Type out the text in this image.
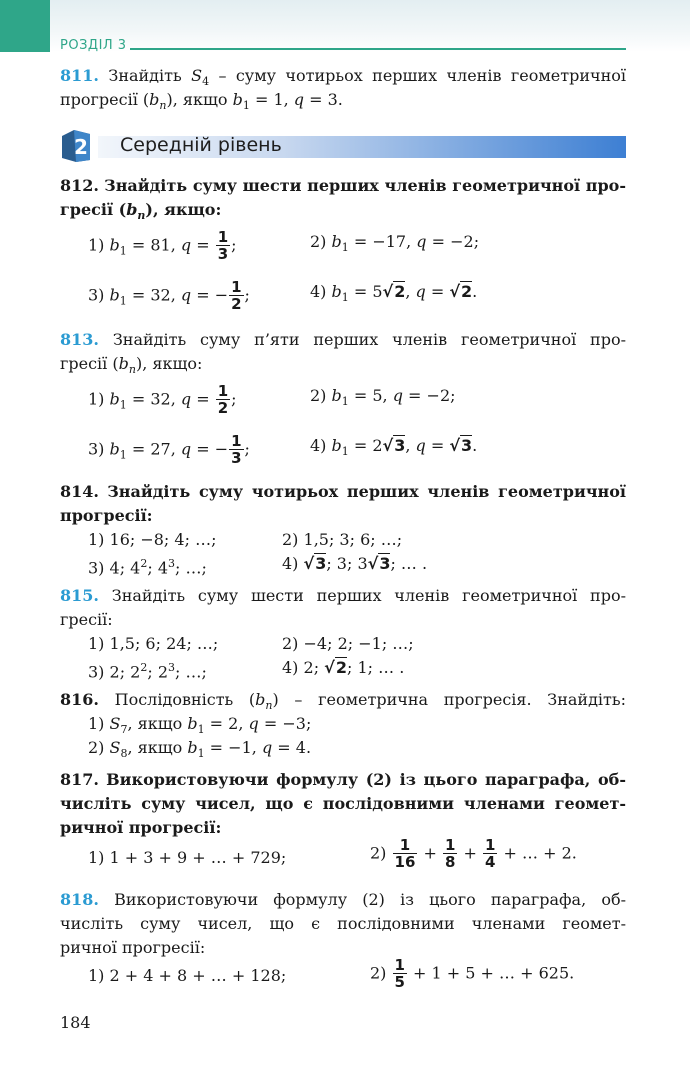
РОЗДІЛ 3
811. Знайдіть $S_4$ – суму чотирьох перших членів геометричної
прогресії $(b_n)$, якщо $b_1 = 1$, q = 3.
2 Середній рівень
812. Знайдіть суму шести перших членів геометричної про-
гресії $(b_n)$, якщо:
1) $b_1 = 81$, $q = \frac{1}{3}$ ;	2) $b_1 = -17$, q = −2;
3) $b_1 = 32$, q = − $\frac{1}{2}$ ;	4) $b_1 = 5√2$, q = √2.
813. Знайдіть суму п’яти перших членів геометричної про-
гресії $(b_n)$, якщо:
1) $b_1 = 32$, $q = \frac{1}{2}$ ;	2) $b_1 = 5$, q = −2;
3) $b_1 = 27$, q = − $\frac{1}{3}$ ;	4) $b_1 = 2√3$, q = √3.
814. Знайдіть суму чотирьох перших членів геометричної
прогресії:
1) 16; −8; 4; …;	2) 1,5; 3; 6; …;
3) 4; $4^2$; $4^3$; …;	4) √3; 3; 3√3; … .
815. Знайдіть суму шести перших членів геометричної про-
гресії:
1) 1,5; 6; 24; …;	2) −4; 2; −1; …;
3) 2; $2^2$; $2^3$; …;	4) 2; √2; 1; … .
816. Послідовність $(b_n)$ – геометрична прогресія. Знайдіть:
1) $S_7$, якщо $b_1 = 2$, q = −3;
2) $S_8$, якщо $b_1 = -1$, q = 4.
817. Використовуючи формулу (2) із цього параграфа, об-
числіть суму чисел, що є послідовними членами геомет-
ричної прогресії:
1) 1 + 3 + 9 + … + 729;	$2) \frac{1}{16} + \frac{1}{8} + \frac{1}{4}$ + … + 2.
818. Використовуючи формулу (2) із цього параграфа, об-
числіть суму чисел, що є послідовними членами геомет-
ричної прогресії:
1) 2 + 4 + 8 + … + 128;	$2) \frac{1}{5} + 1 + 5$ + … + 625.
184
